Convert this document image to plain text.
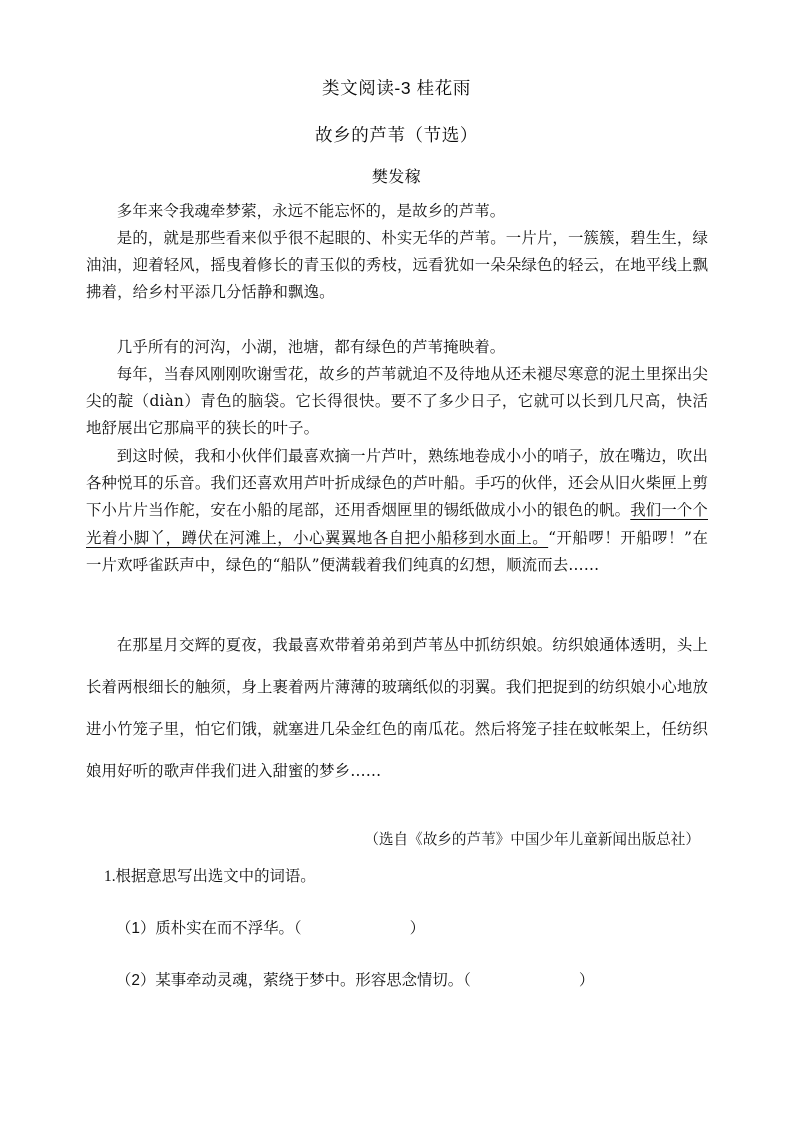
类文阅读-3 桂花雨
故乡的芦苇（节选）
樊发稼

多年来令我魂牵梦萦，永远不能忘怀的，是故乡的芦苇。

是的，就是那些看来似乎很不起眼的、朴实无华的芦苇。一片片，一簇簇，碧生生，绿油油，迎着轻风，摇曳着修长的青玉似的秀枝，远看犹如一朵朵绿色的轻云，在地平线上飘拂着，给乡村平添几分恬静和飘逸。

几乎所有的河沟，小湖，池塘，都有绿色的芦苇掩映着。

每年，当春风刚刚吹谢雪花，故乡的芦苇就迫不及待地从还未褪尽寒意的泥土里探出尖尖的靛（diàn）青色的脑袋。它长得很快。要不了多少日子，它就可以长到几尺高，快活地舒展出它那扁平的狭长的叶子。

到这时候，我和小伙伴们最喜欢摘一片芦叶，熟练地卷成小小的哨子，放在嘴边，吹出各种悦耳的乐音。我们还喜欢用芦叶折成绿色的芦叶船。手巧的伙伴，还会从旧火柴匣上剪下小片片当作舵，安在小船的尾部，还用香烟匣里的锡纸做成小小的银色的帆。我们一个个光着小脚丫，蹲伏在河滩上，小心翼翼地各自把小船移到水面上。“开船啰！开船啰！”在一片欢呼雀跃声中，绿色的“船队”便满载着我们纯真的幻想，顺流而去……

在那星月交辉的夏夜，我最喜欢带着弟弟到芦苇丛中抓纺织娘。纺织娘通体透明，头上长着两根细长的触须，身上裹着两片薄薄的玻璃纸似的羽翼。我们把捉到的纺织娘小心地放进小竹笼子里，怕它们饿，就塞进几朵金红色的南瓜花。然后将笼子挂在蚊帐架上，任纺织娘用好听的歌声伴我们进入甜蜜的梦乡……

（选自《故乡的芦苇》中国少年儿童新闻出版总社）
1.根据意思写出选文中的词语。
（1）质朴实在而不浮华。（	）
（2）某事牵动灵魂，萦绕于梦中。形容思念情切。（	）
